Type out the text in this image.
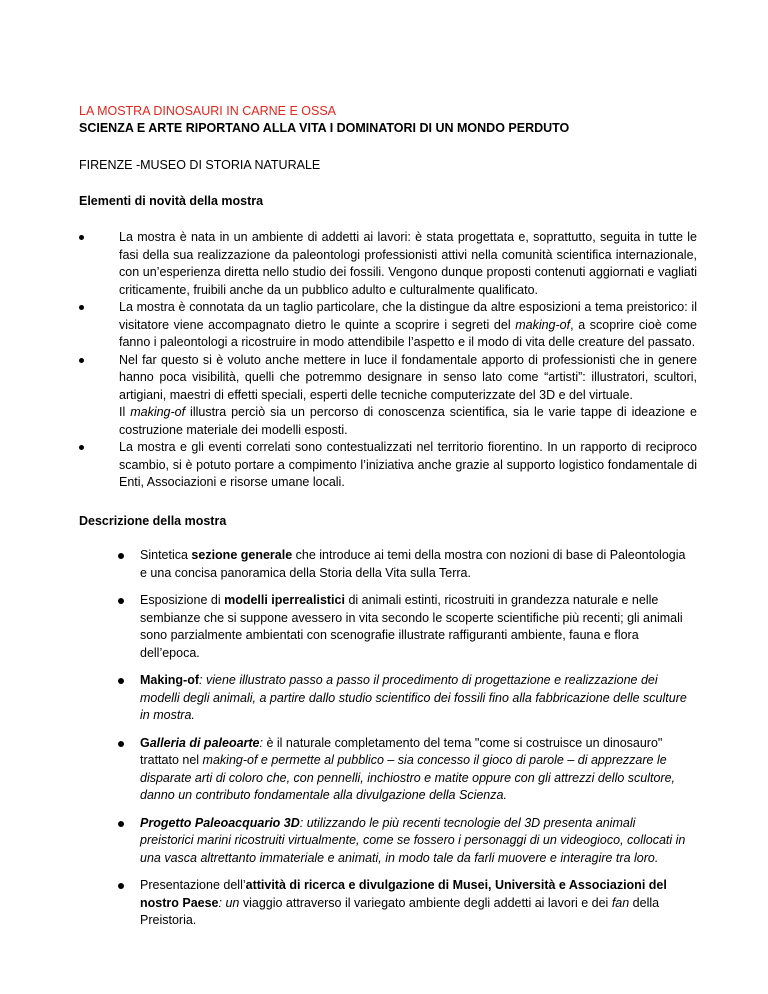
LA MOSTRA DINOSAURI IN CARNE E OSSA

SCIENZA E ARTE RIPORTANO ALLA VITA I DOMINATORI DI UN MONDO PERDUTO

FIRENZE -MUSEO DI STORIA NATURALE

Elementi di novità della mostra

La mostra è nata in un ambiente di addetti ai lavori: è stata progettata e, soprattutto, seguita in tutte le fasi della sua realizzazione da paleontologi professionisti attivi nella comunità scientifica internazionale, con un’esperienza diretta nello studio dei fossili. Vengono dunque proposti contenuti aggiornati e vagliati criticamente, fruibili anche da un pubblico adulto e culturalmente qualificato.
La mostra è connotata da un taglio particolare, che la distingue da altre esposizioni a tema preistorico: il visitatore viene accompagnato dietro le quinte a scoprire i segreti del making-of, a scoprire cioè come fanno i paleontologi a ricostruire in modo attendibile l’aspetto e il modo di vita delle creature del passato.

Nel far questo si è voluto anche mettere in luce il fondamentale apporto di professionisti che in genere hanno poca visibilità, quelli che potremmo designare in senso lato come “artisti”: illustratori, scultori, artigiani, maestri di effetti speciali, esperti delle tecniche computerizzate del 3D e del virtuale.

Il making-of illustra perciò sia un percorso di conoscenza scientifica, sia le varie tappe di ideazione e costruzione materiale dei modelli esposti.

La mostra e gli eventi correlati sono contestualizzati nel territorio fiorentino. In un rapporto di reciproco scambio, si è potuto portare a compimento l’iniziativa anche grazie al supporto logistico fondamentale di Enti, Associazioni e risorse umane locali.

Descrizione della mostra

Sintetica sezione generale che introduce ai temi della mostra con nozioni di base di Paleontologia e una concisa panoramica della Storia della Vita sulla Terra.
Esposizione di modelli iperrealistici di animali estinti, ricostruiti in grandezza naturale e nelle sembianze che si suppone avessero in vita secondo le scoperte scientifiche più recenti; gli animali sono parzialmente ambientati con scenografie illustrate raffiguranti ambiente, fauna e flora dell’epoca.
Making-of: viene illustrato passo a passo il procedimento di progettazione e realizzazione dei modelli degli animali, a partire dallo studio scientifico dei fossili fino alla fabbricazione delle sculture in mostra.
Galleria di paleoarte: è il naturale completamento del tema "come si costruisce un dinosauro" trattato nel making-of e permette al pubblico – sia concesso il gioco di parole – di apprezzare le disparate arti di coloro che, con pennelli, inchiostro e matite oppure con gli attrezzi dello scultore, danno un contributo fondamentale alla divulgazione della Scienza.
Progetto Paleoacquario 3D: utilizzando le più recenti tecnologie del 3D presenta animali preistorici marini ricostruiti virtualmente, come se fossero i personaggi di un videogioco, collocati in una vasca altrettanto immateriale e animati, in modo tale da farli muovere e interagire tra loro.
Presentazione dell’attività di ricerca e divulgazione di Musei, Università e Associazioni del nostro Paese: un viaggio attraverso il variegato ambiente degli addetti ai lavori e dei fan della Preistoria.
